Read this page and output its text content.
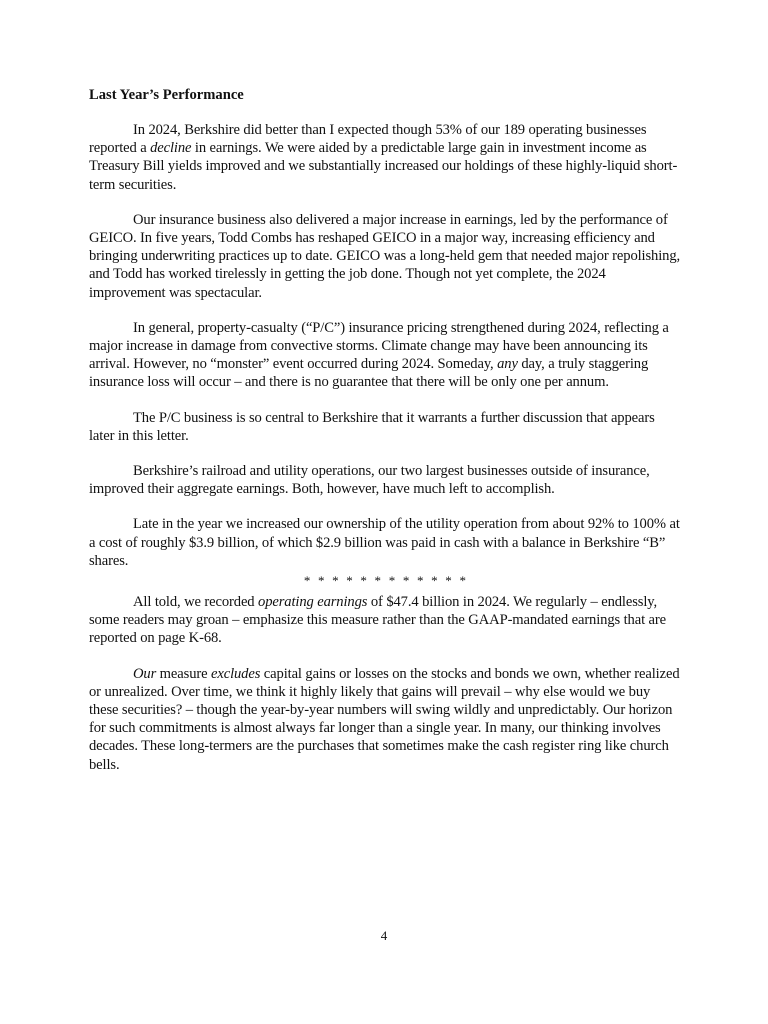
Last Year’s Performance
In 2024, Berkshire did better than I expected though 53% of our 189 operating businesses reported a decline in earnings. We were aided by a predictable large gain in investment income as Treasury Bill yields improved and we substantially increased our holdings of these highly-liquid short-term securities.
Our insurance business also delivered a major increase in earnings, led by the performance of GEICO. In five years, Todd Combs has reshaped GEICO in a major way, increasing efficiency and bringing underwriting practices up to date. GEICO was a long-held gem that needed major repolishing, and Todd has worked tirelessly in getting the job done. Though not yet complete, the 2024 improvement was spectacular.
In general, property-casualty (“P/C”) insurance pricing strengthened during 2024, reflecting a major increase in damage from convective storms. Climate change may have been announcing its arrival. However, no “monster” event occurred during 2024. Someday, any day, a truly staggering insurance loss will occur – and there is no guarantee that there will be only one per annum.
The P/C business is so central to Berkshire that it warrants a further discussion that appears later in this letter.
Berkshire’s railroad and utility operations, our two largest businesses outside of insurance, improved their aggregate earnings. Both, however, have much left to accomplish.
Late in the year we increased our ownership of the utility operation from about 92% to 100% at a cost of roughly $3.9 billion, of which $2.9 billion was paid in cash with a balance in Berkshire “B” shares.
* * * * * * * * * * * *
All told, we recorded operating earnings of $47.4 billion in 2024. We regularly – endlessly, some readers may groan – emphasize this measure rather than the GAAP-mandated earnings that are reported on page K-68.
Our measure excludes capital gains or losses on the stocks and bonds we own, whether realized or unrealized. Over time, we think it highly likely that gains will prevail – why else would we buy these securities? – though the year-by-year numbers will swing wildly and unpredictably. Our horizon for such commitments is almost always far longer than a single year. In many, our thinking involves decades. These long-termers are the purchases that sometimes make the cash register ring like church bells.
4
